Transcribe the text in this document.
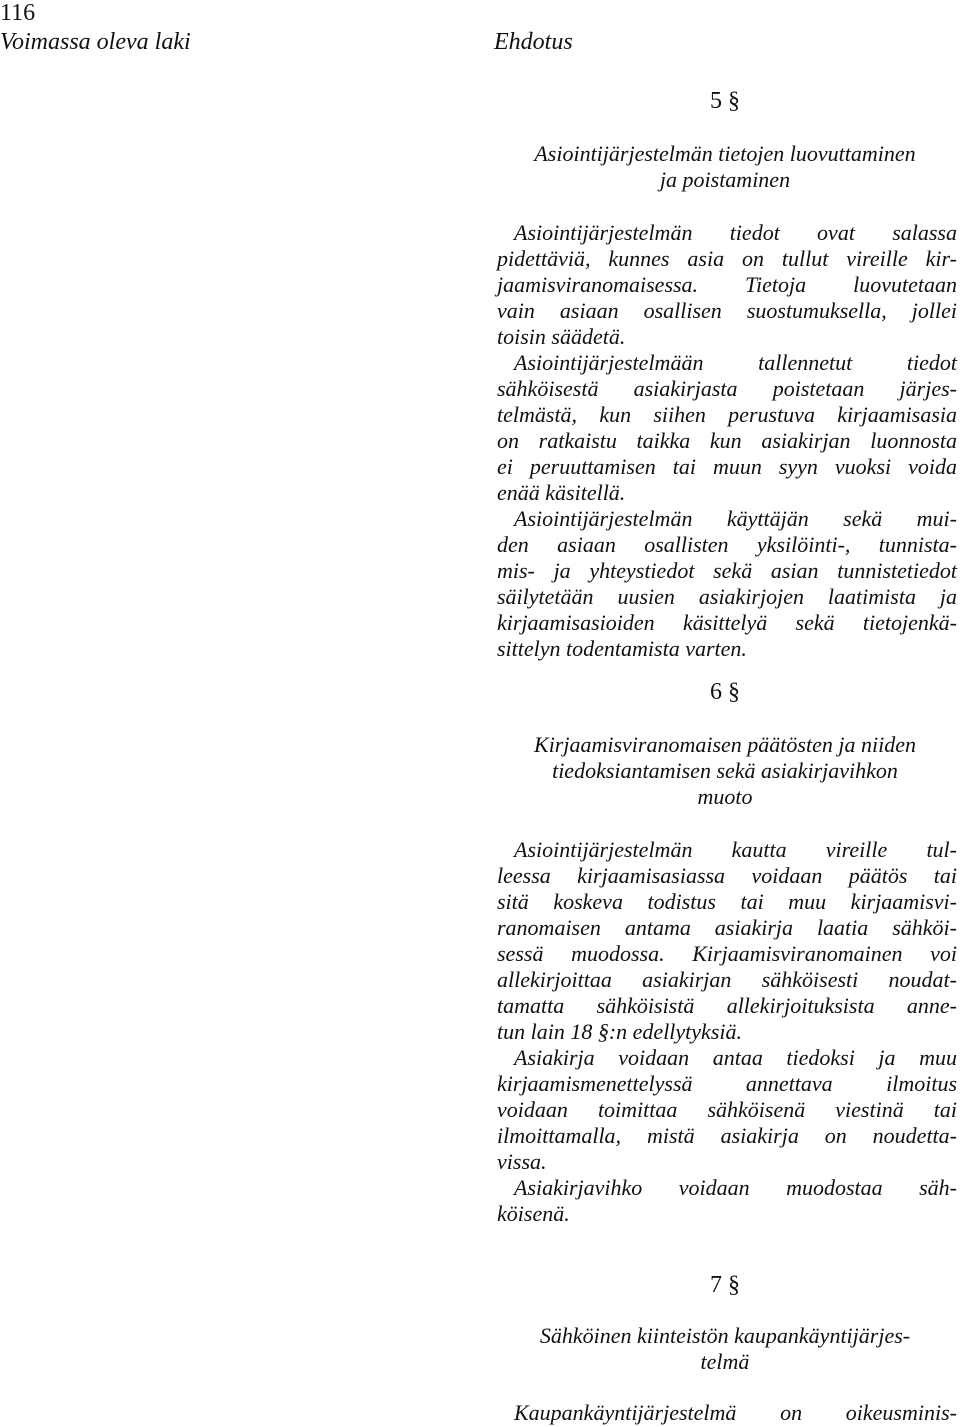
116
Voimassa oleva laki	Ehdotus
5 §
Asiointijärjestelmän tietojen luovuttaminen
ja poistaminen
Asiointijärjestelmän tiedot ovat salassa
pidettäviä, kunnes asia on tullut vireille kir-
jaamisviranomaisessa. Tietoja luovutetaan
vain asiaan osallisen suostumuksella, jollei
toisin säädetä.
Asiointijärjestelmään tallennetut tiedot
sähköisestä asiakirjasta poistetaan järjes-
telmästä, kun siihen perustuva kirjaamisasia
on ratkaistu taikka kun asiakirjan luonnosta
ei peruuttamisen tai muun syyn vuoksi voida
enää käsitellä.
Asiointijärjestelmän käyttäjän sekä mui-
den asiaan osallisten yksilöinti-, tunnista-
mis- ja yhteystiedot sekä asian tunnistetiedot
säilytetään uusien asiakirjojen laatimista ja
kirjaamisasioiden käsittelyä sekä tietojenkä-
sittelyn todentamista varten.
6 §
Kirjaamisviranomaisen päätösten ja niiden
tiedoksiantamisen sekä asiakirjavihkon
muoto
Asiointijärjestelmän kautta vireille tul-
leessa kirjaamisasiassa voidaan päätös tai
sitä koskeva todistus tai muu kirjaamisvi-
ranomaisen antama asiakirja laatia sähköi-
sessä muodossa. Kirjaamisviranomainen voi
allekirjoittaa asiakirjan sähköisesti noudat-
tamatta sähköisistä allekirjoituksista anne-
tun lain 18 §:n edellytyksiä.
Asiakirja voidaan antaa tiedoksi ja muu
kirjaamismenettelyssä annettava ilmoitus
voidaan toimittaa sähköisenä viestinä tai
ilmoittamalla, mistä asiakirja on noudetta-
vissa.
Asiakirjavihko voidaan muodostaa säh-
köisenä.
7 §
Sähköinen kiinteistön kaupankäyntijärjes-
telmä
Kaupankäyntijärjestelmä on oikeusminis-
